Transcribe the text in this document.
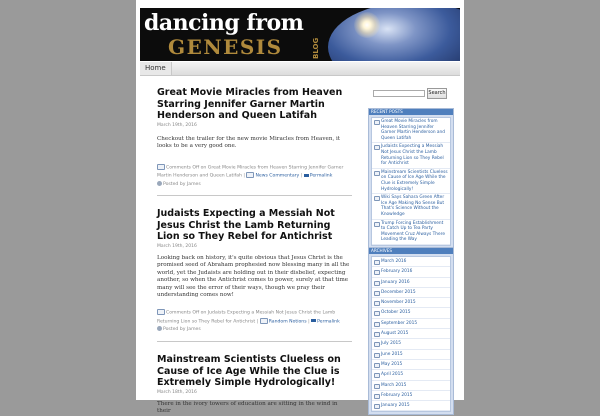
dancing from
GENESIS	BLOG
Home
Great Movie Miracles from Heaven Starring Jennifer Garner Martin Henderson and Queen Latifah
March 19th, 2016
Checkout the trailer for the new movie Miracles from Heaven, it looks to be a very good one.
Comments Off on Great Movie Miracles from Heaven Starring Jennifer Garner Martin Henderson and Queen Latifah | News Commentary | Permalink
Posted by James
Judaists Expecting a Messiah Not Jesus Christ the Lamb Returning Lion so They Rebel for Antichrist
March 19th, 2016
Looking back on history, it's quite obvious that Jesus Christ is the promised seed of Abraham prophesied now blessing many in all the world, yet the Judaists are holding out in their disbelief, expecting another, so when the Antichrist comes to power, surely at that time many will see the error of their ways, though we pray their understanding comes now!
Comments Off on Judaists Expecting a Messiah Not Jesus Christ the Lamb Returning Lion so They Rebel for Antichrist | Random Notions | Permalink
Posted by James
Mainstream Scientists Clueless on Cause of Ice Age While the Clue is Extremely Simple Hydrologically!
March 18th, 2016
There in the ivory towers of education are sitting in the wind in their
Search
RECENT POSTS
Great Movie Miracles from Heaven Starring Jennifer Garner Martin Henderson and Queen Latifah
Judaists Expecting a Messiah Not Jesus Christ the Lamb Returning Lion so They Rebel for Antichrist
Mainstream Scientists Clueless on Cause of Ice Age While the Clue is Extremely Simple Hydrologically!
Wiki Says Sahara Green After Ice Age Making No Sense But That's Science Without the Knowledge
Trump Forcing Establishment to Catch Up to Tea Party Movement Cruz Always There Leading the Way
ARCHIVES
March 2016
February 2016
January 2016
December 2015
November 2015
October 2015
September 2015
August 2015
July 2015
June 2015
May 2015
April 2015
March 2015
February 2015
January 2015
